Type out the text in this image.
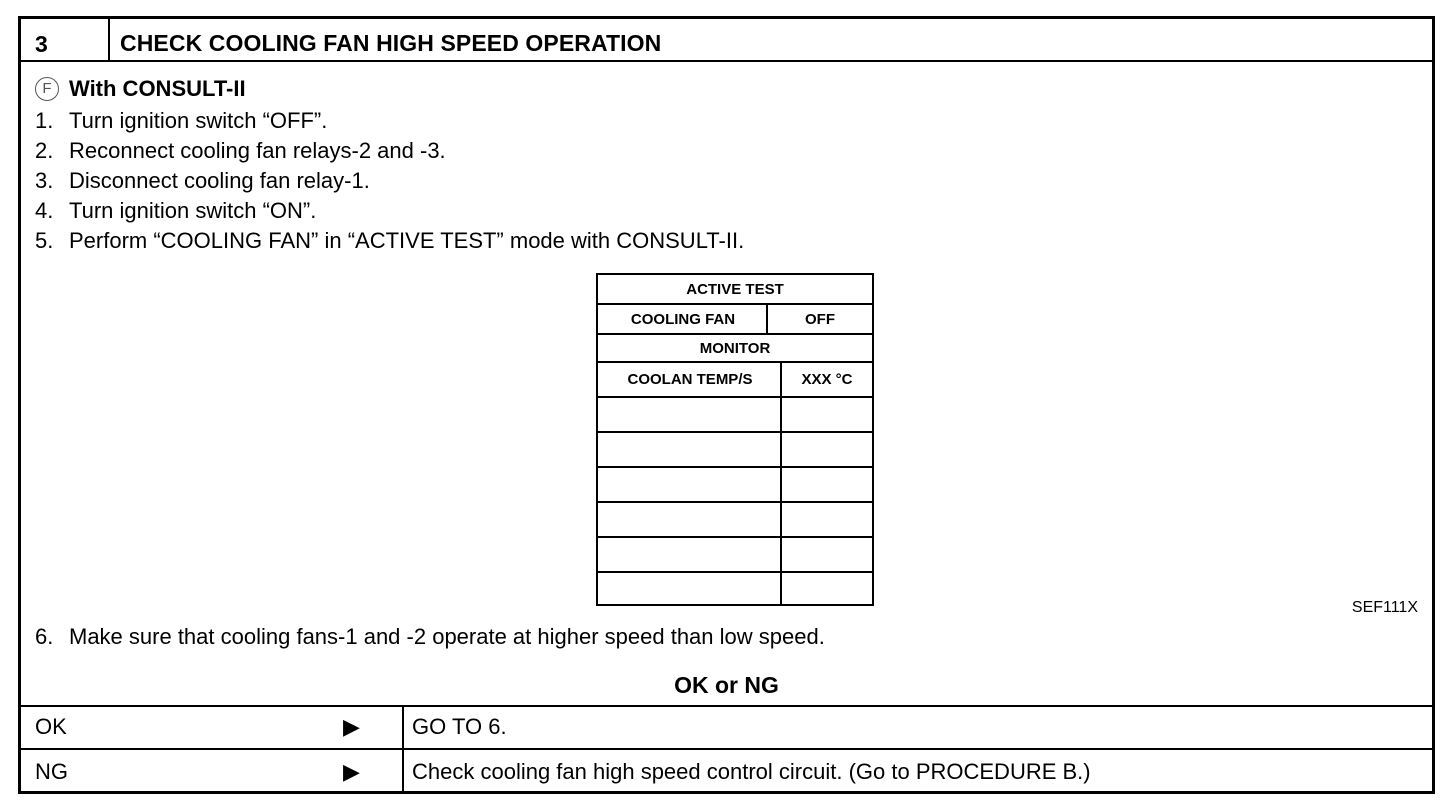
3	CHECK COOLING FAN HIGH SPEED OPERATION
F With CONSULT-II
1. Turn ignition switch “OFF”.
2. Reconnect cooling fan relays-2 and -3.
3. Disconnect cooling fan relay-1.
4. Turn ignition switch “ON”.
5. Perform “COOLING FAN” in “ACTIVE TEST” mode with CONSULT-II.
ACTIVE TEST
COOLING FAN	OFF
MONITOR
COOLAN TEMP/S	XXX °C
SEF111X
6. Make sure that cooling fans-1 and -2 operate at higher speed than low speed.
OK or NG
OK	▶ GO TO 6.
NG	▶ Check cooling fan high speed control circuit. (Go to PROCEDURE B.)
